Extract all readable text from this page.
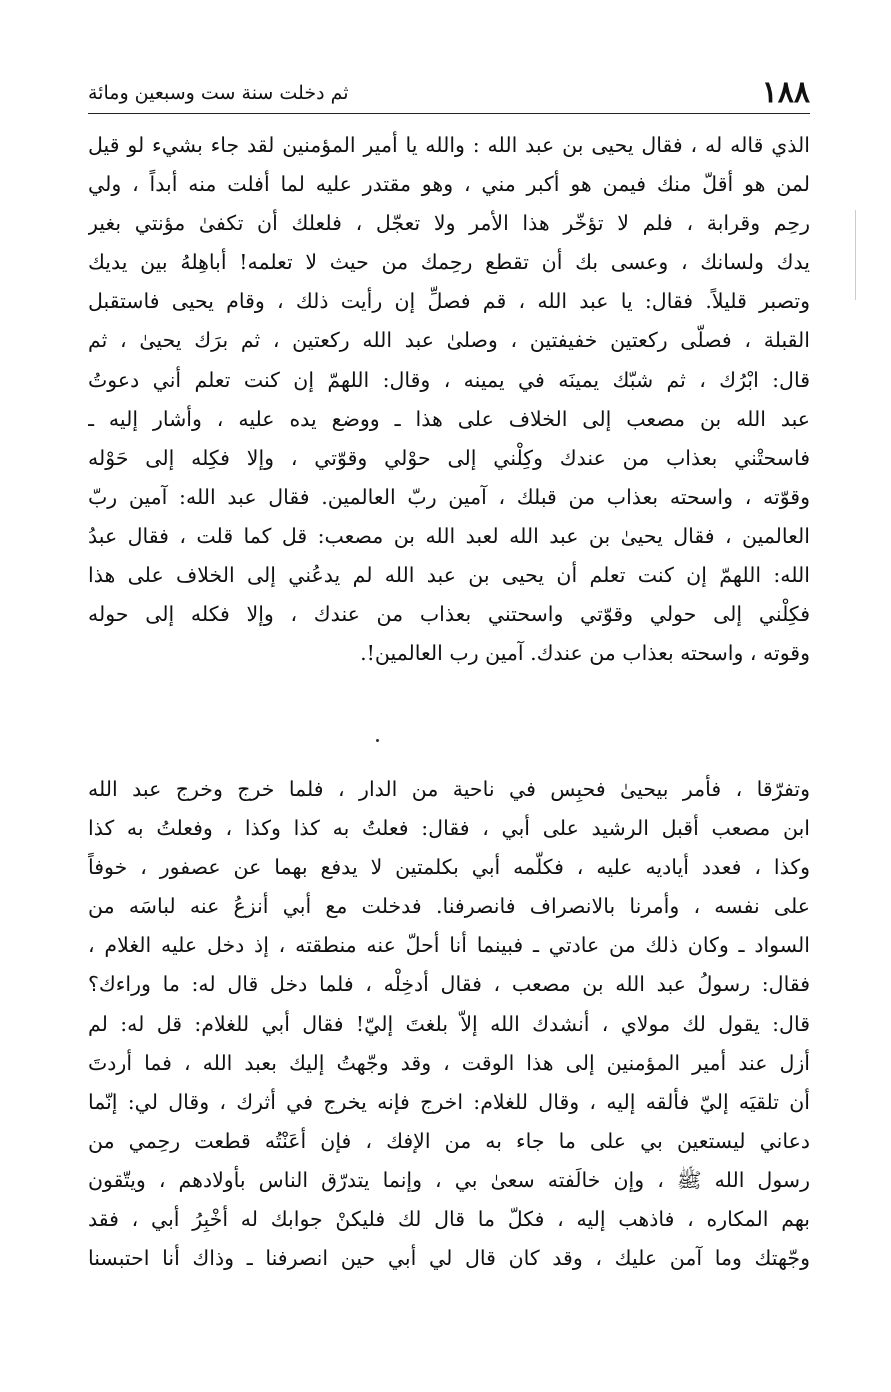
١٨٨
ثم دخلت سنة ست وسبعين ومائة
الذي قاله له ، فقال يحيى بن عبد الله : والله يا أمير المؤمنين لقد جاء بشيء لو قيل
لمن هو أقلّ منك فيمن هو أكبر مني ، وهو مقتدر عليه لما أفلت منه أبداً ، ولي
رحِم وقرابة ، فلم لا تؤخّر هذا الأمر ولا تعجّل ، فلعلك أن تكفىٰ مؤنتي بغير
يدك ولسانك ، وعسى بك أن تقطع رحِمك من حيث لا تعلمه! أباهِلهُ بين يديك
وتصبر قليلاً. فقال: يا عبد الله ، قم فصلِّ إن رأيت ذلك ، وقام يحيى فاستقبل
القبلة ، فصلّى ركعتين خفيفتين ، وصلىٰ عبد الله ركعتين ، ثم برَك يحيىٰ ، ثم
قال: ابْرُك ، ثم شبّك يمينَه في يمينه ، وقال: اللهمّ إن كنت تعلم أني دعوتُ
عبد الله بن مصعب إلى الخلاف على هذا ـ ووضع يده عليه ، وأشار إليه ـ
فاسحتْني بعذاب من عندك وكِلْني إلى حوْلي وقوّتي ، وإلا فكِله إلى حَوْله
وقوّته ، واسحته بعذاب من قبلك ، آمين ربّ العالمين. فقال عبد الله: آمين ربّ
العالمين ، فقال يحيىٰ بن عبد الله لعبد الله بن مصعب: قل كما قلت ، فقال عبدُ
الله: اللهمّ إن كنت تعلم أن يحيى بن عبد الله لم يدعُني إلى الخلاف على هذا
فكِلْني إلى حولي وقوّتي واسحتني بعذاب من عندك ، وإلا فكله إلى حوله
وقوته ، واسحته بعذاب من عندك. آمين رب العالمين!.
وتفرّقا ، فأمر بيحيىٰ فحبِس في ناحية من الدار ، فلما خرج وخرج عبد الله
ابن مصعب أقبل الرشيد على أبي ، فقال: فعلتُ به كذا وكذا ، وفعلتُ به كذا
وكذا ، فعدد أياديه عليه ، فكلّمه أبي بكلمتين لا يدفع بهما عن عصفور ، خوفاً
على نفسه ، وأمرنا بالانصراف فانصرفنا. فدخلت مع أبي أنزعُ عنه لباسَه من
السواد ـ وكان ذلك من عادتي ـ فبينما أنا أحلّ عنه منطقته ، إذ دخل عليه الغلام ،
فقال: رسولُ عبد الله بن مصعب ، فقال أدخِلْه ، فلما دخل قال له: ما وراءك؟
قال: يقول لك مولاي ، أنشدك الله إلاّ بلغتَ إليّ! فقال أبي للغلام: قل له: لم
أزل عند أمير المؤمنين إلى هذا الوقت ، وقد وجّهتُ إليك بعبد الله ، فما أردتَ
أن تلقيَه إليّ فألقه إليه ، وقال للغلام: اخرج فإنه يخرج في أثرك ، وقال لي: إنّما
دعاني ليستعين بي على ما جاء به من الإفك ، فإن أعَنْتُه قطعت رحِمي من
رسول الله ﷺ ، وإن خالَفته سعىٰ بي ، وإنما يتدرّق الناس بأولادهم ، ويتّقون
بهم المكاره ، فاذهب إليه ، فكلّ ما قال لك فليكنْ جوابك له أخْبِرُ أبي ، فقد
وجّهتك وما آمن عليك ، وقد كان قال لي أبي حين انصرفنا ـ وذاك أنا احتبسنا
